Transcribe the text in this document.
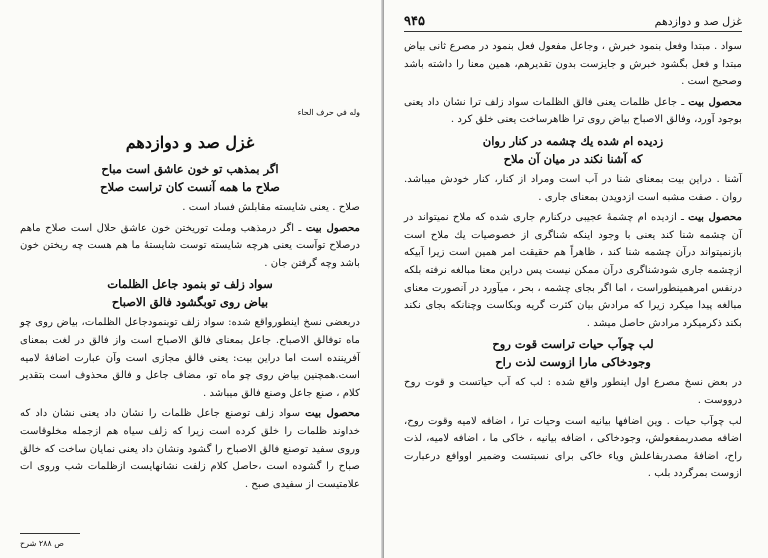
وله في حرف الحاء
غزل صد و دوازدهم
اگر بمذهب تو خون عاشق است مباح
صلاح ما همه آنست کان تراست صلاح

صلاح . یعنی شایسته مقابلش فساد است .

محصول بیت ـ اگر درمذهب وملت توریختن خون عاشق حلال است صلاح ماهم درصلاح توآست یعنی هرچه شایسته توست شایستهٔ ما هم هست چه ریختن خون باشد وچه گرفتن جان .

سواد زلف تو بنمود جاعل الظلمات
بیاض روی توبگشود فالق الاصباح

دربعضی نسخ اینطورواقع شده: سواد زلف توبنمودجاعل الظلمات، بیاض روی چو ماه توفالق الاصباح. جاعل بمعنای فالق الاصباح است واز فالق در لغت بمعنای آفریننده است اما دراین بیت: یعنی فالق مجازی است وآن عبارت اضافهٔ لامیه است.همچنین بیاض روی چو ماه تو، مضاف جاعل و فالق محذوف است بتقدیر کلام ، صنع جاعل وصنع فالق میباشد .

محصول بیت سواد زلف توصنع جاعل ظلمات را نشان داد یعنی نشان داد که خداوند ظلمات را خلق کرده است زیرا که زلف سیاه هم ازجمله مخلوقاست وروی سفید توصنع فالق الاصباح را گشود ونشان داد یعنی نمایان ساخت که خالق صباح را گشوده است ،حاصل کلام زلفت نشانهایست ازظلمات شب وروی ات علامتیست از سفیدی صبح .

ص ۲۸۸ شرح
غزل صد و دوازدهم
۹۴۵

سواد . مبتدا وفعل بنمود خبرش ، وجاعل مفعول فعل بنمود در مصرع ثانی بیاض مبتدا و فعل بگشود خبرش و جایزست بدون تقدیرهم، همین معنا را داشته باشد وصحیح است .

محصول بیت ـ جاعل ظلمات یعنی فالق الظلمات سواد زلف ترا نشان داد یعنی بوجود آورد، وفالق الاصباح بیاض روی ترا ظاهرساخت یعنی خلق کرد .

زدیده ام شده یك چشمه در کنار روان
که آشنا نکند در میان آن ملاح

آشنا . دراین بیت بمعنای شنا در آب است ومراد از کنار، کنار خودش میباشد. روان . صفت مشبه است ازدویدن بمعنای جاری .

محصول بیت ـ ازدیده ام چشمهٔ عجیبی درکنارم جاری شده که ملاح نمیتواند در آن چشمه شنا کند یعنی با وجود اینکه شناگری از خصوصیات یك ملاح است بازنمیتواند درآن چشمه شنا کند ، ظاهراً هم حقیقت امر همین است زیرا آبیکه ازچشمه جاری شودشناگری درآن ممکن نیست پس دراین معنا مبالغه نرفته بلکه درنفس امرهمینطوراست ، اما اگر بجای چشمه ، بحر ، میآورد در آنصورت معنای مبالغه پیدا میکرد زیرا که مرادش بیان کثرت گریه وبکاست وچنانکه بجای نکند بکند ذکرمیکرد مرادش حاصل میشد .

لب چوآب حیات تراست قوت روح
وجودخاکی مارا ازوست لذت راح

در بعض نسخ مصرع اول اینطور واقع شده : لب که آب حیاتست و قوت روح درووست .

لب چوآب حیات . وین اضافها بیانیه است وحیات ترا ، اضافه لامیه وقوت روح، اضافه مصدربمفعولش، وجودخاکی ، اضافه بیانیه ، خاکی ما ، اضافه لامیه، لذت راح، اضافهٔ مصدربفاعلش ویاء خاکی برای نسبتست وضمیر اووافع درعبارت ازوست بمرگردد بلب .
